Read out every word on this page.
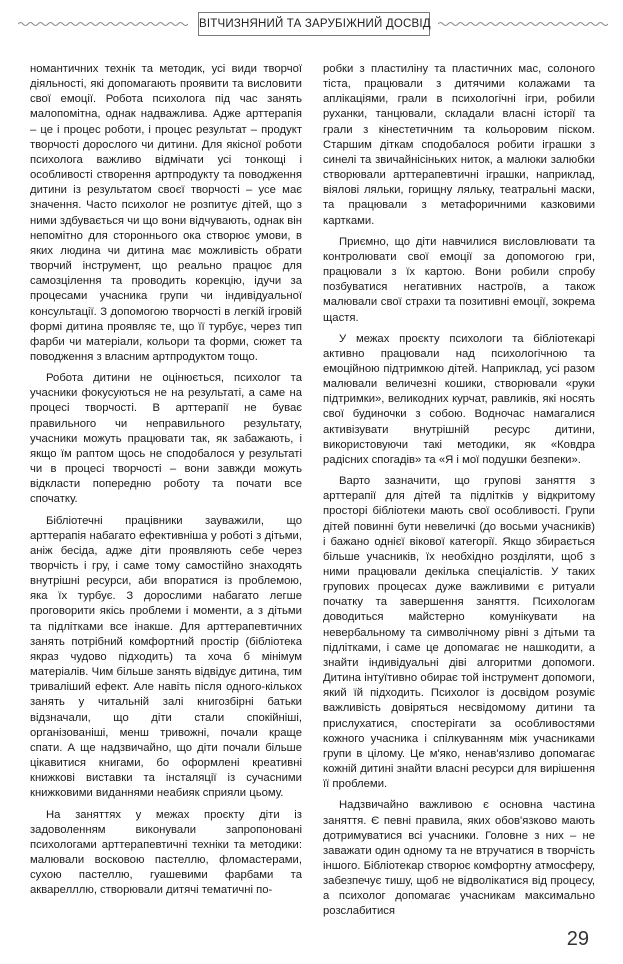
ВІТЧИЗНЯНИЙ ТА ЗАРУБІЖНИЙ ДОСВІД

номантичних технік та методик, усі види творчої діяльності, які допомагають проявити та висловити свої емоції. Робота психолога під час занять малопомітна, однак надважлива. Адже арттерапія – це і процес роботи, і процес результат – продукт творчості дорослого чи дитини. Для якісної роботи психолога важливо відмічати усі тонкощі і особливості створення артпродукту та поводження дитини із результатом своєї творчості – усе має значення. Часто психолог не розпитує дітей, що з ними здбувається чи що вони відчувають, однак він непомітно для стороннього ока створює умови, в яких людина чи дитина має можливість обрати творчий інструмент, що реально працює для самозцілення та проводить корекцію, ідучи за процесами учасника групи чи індивідуальної консультації. З допомогою творчості в легкій ігровій формі дитина проявляє те, що її турбує, через тип фарби чи матеріали, кольори та форми, сюжет та поводження з власним артпродуктом тощо.

Робота дитини не оцінюється, психолог та учасники фокусуються не на результаті, а саме на процесі творчості. В арттерапії не буває правильного чи неправильного результату, учасники можуть працювати так, як забажають, і якщо їм раптом щось не сподобалося у результаті чи в процесі творчості – вони завжди можуть відкласти попередню роботу та почати все спочатку.

Бібліотечні працівники зауважили, що арттерапія набагато ефективніша у роботі з дітьми, аніж бесіда, адже діти проявляють себе через творчість і гру, і саме тому самостійно знаходять внутрішні ресурси, аби впоратися із проблемою, яка їх турбує. З дорослими набагато легше проговорити якісь проблеми і моменти, а з дітьми та підлітками все інакше. Для арттерапевтичних занять потрібний комфортний простір (бібліотека якраз чудово підходить) та хоча б мінімум матеріалів. Чим більше занять відвідує дитина, тим триваліший ефект. Але навіть після одного-кількох занять у читальній залі книгозбірні батьки відзначали, що діти стали спокійніші, організованіші, менш тривожні, почали краще спати. А ще надзвичайно, що діти почали більше цікавитися книгами, бо оформлені креативні книжкові виставки та інсталяції із сучасними книжковими виданнями неабияк сприяли цьому.

На заняттях у межах проєкту діти із задоволенням виконували запропоновані психологами арттерапевтичні техніки та методики: малювали восковою пастеллю, фломастерами, сухою пастеллю, гуашевими фарбами та акварелллю, створювали дитячі тематичні по-

робки з пластиліну та пластичних мас, солоного тіста, працювали з дитячими колажами та аплікаціями, грали в психологічні ігри, робили руханки, танцювали, складали власні історії та грали з кінестетичним та кольоровим піском. Старшим діткам сподобалося робити іграшки з синелі та звичайнісіньких ниток, а малюки залюбки створювали арттерапевтичні іграшки, наприклад, віялові ляльки, горищну ляльку, театральні маски, та працювали з метафоричними казковими картками.

Приємно, що діти навчилися висловлювати та контролювати свої емоції за допомогою гри, працювали з їх картою. Вони робили спробу позбуватися негативних настроїв, а також малювали свої страхи та позитивні емоції, зокрема щастя.

У межах проєкту психологи та бібліотекарі активно працювали над психологічною та емоційною підтримкою дітей. Наприклад, усі разом малювали величезні кошики, створювали «руки підтримки», великодних курчат, равликів, які носять свої будиночки з собою. Водночас намагалися активізувати внутрішній ресурс дитини, використовуючи такі методики, як «Ковдра радісних спогадів» та «Я і мої подушки безпеки».

Варто зазначити, що групові заняття з арттерапії для дітей та підлітків у відкритому просторі бібліотеки мають свої особливості. Групи дітей повинні бути невеличкі (до восьми учасників) і бажано однієї вікової категорії. Якщо збирається більше учасників, їх необхідно розділяти, щоб з ними працювали декілька спеціалістів. У таких групових процесах дуже важливими є ритуали початку та завершення заняття. Психологам доводиться майстерно комунікувати на невербальному та символічному рівні з дітьми та підлітками, і саме це допомагає не нашкодити, а знайти індивідуальні діві алгоритми допомоги. Дитина інтуїтивно обирає той інструмент допомоги, який їй підходить. Психолог із досвідом розуміє важливість довіряться несвідомому дитини та прислухатися, спостерігати за особливостями кожного учасника і спілкуванням між учасниками групи в цілому. Це м'яко, ненав'язливо допомагає кожній дитині знайти власні ресурси для вирішення її проблеми.

Надзвичайно важливою є основна частина заняття. Є певні правила, яких обов'язково мають дотримуватися всі учасники. Головне з них – не заважати один одному та не втручатися в творчість іншого. Бібліотекар створює комфортну атмосферу, забезпечує тишу, щоб не відволікатися від процесу, а психолог допомагає учасникам максимально розслабитися

29
